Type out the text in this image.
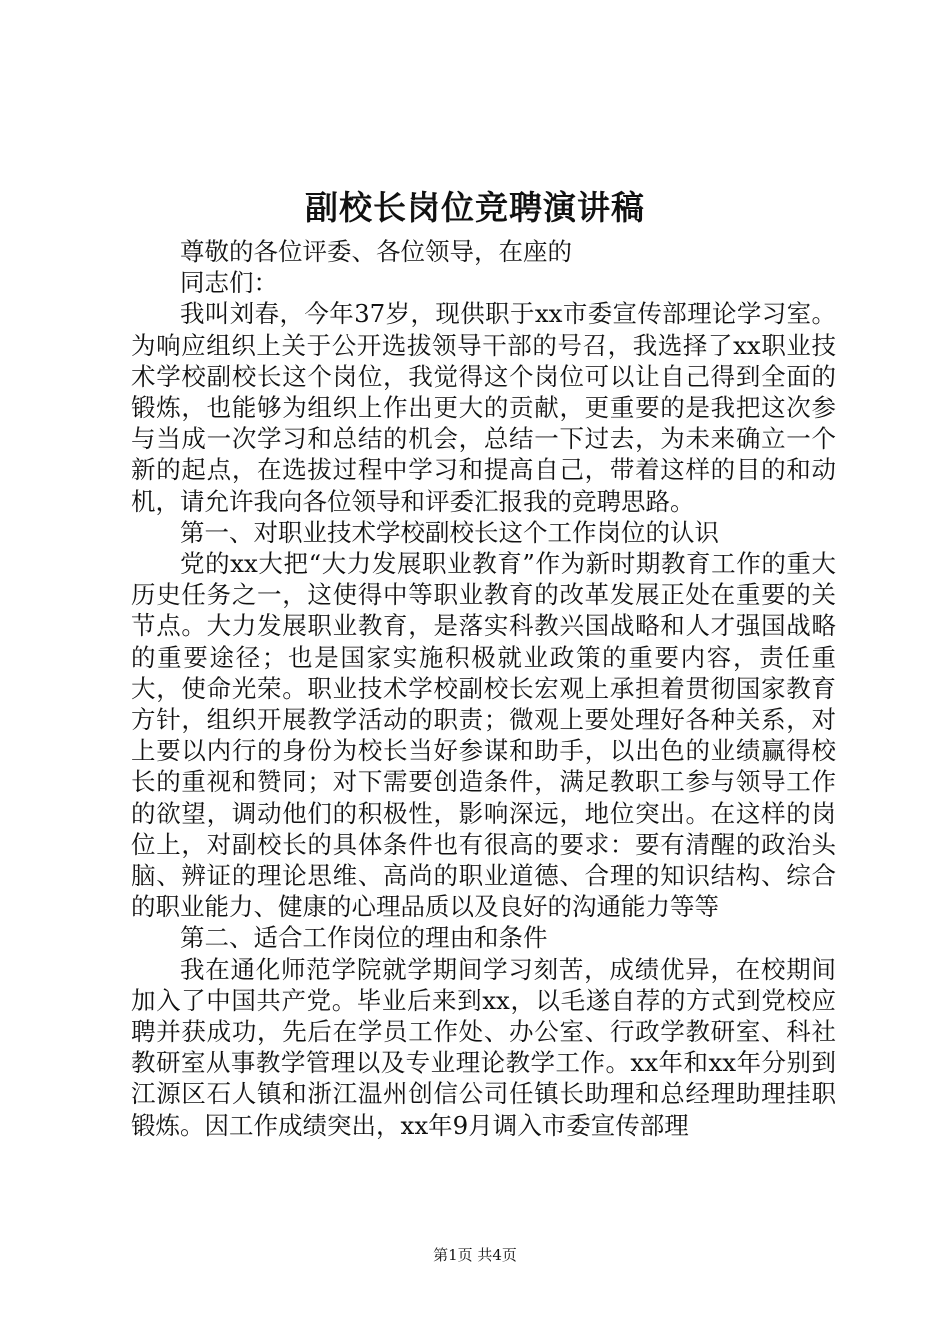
副校长岗位竞聘演讲稿

尊敬的各位评委、各位领导，在座的

同志们：

我叫刘春，今年37岁，现供职于xx市委宣传部理论学习室。为响应组织上关于公开选拔领导干部的号召，我选择了xx职业技术学校副校长这个岗位，我觉得这个岗位可以让自己得到全面的锻炼，也能够为组织上作出更大的贡献，更重要的是我把这次参与当成一次学习和总结的机会，总结一下过去，为未来确立一个新的起点，在选拔过程中学习和提高自己，带着这样的目的和动机，请允许我向各位领导和评委汇报我的竞聘思路。

第一、对职业技术学校副校长这个工作岗位的认识

党的xx大把“大力发展职业教育”作为新时期教育工作的重大历史任务之一，这使得中等职业教育的改革发展正处在重要的关节点。大力发展职业教育，是落实科教兴国战略和人才强国战略的重要途径；也是国家实施积极就业政策的重要内容，责任重大，使命光荣。职业技术学校副校长宏观上承担着贯彻国家教育方针，组织开展教学活动的职责；微观上要处理好各种关系，对上要以内行的身份为校长当好参谋和助手，以出色的业绩赢得校长的重视和赞同；对下需要创造条件，满足教职工参与领导工作的欲望，调动他们的积极性，影响深远，地位突出。在这样的岗位上，对副校长的具体条件也有很高的要求：要有清醒的政治头脑、辨证的理论思维、高尚的职业道德、合理的知识结构、综合的职业能力、健康的心理品质以及良好的沟通能力等等

第二、适合工作岗位的理由和条件

我在通化师范学院就学期间学习刻苦，成绩优异，在校期间加入了中国共产党。毕业后来到xx，以毛遂自荐的方式到党校应聘并获成功，先后在学员工作处、办公室、行政学教研室、科社教研室从事教学管理以及专业理论教学工作。xx年和xx年分别到江源区石人镇和浙江温州创信公司任镇长助理和总经理助理挂职锻炼。因工作成绩突出，xx年9月调入市委宣传部理

第1页 共4页
